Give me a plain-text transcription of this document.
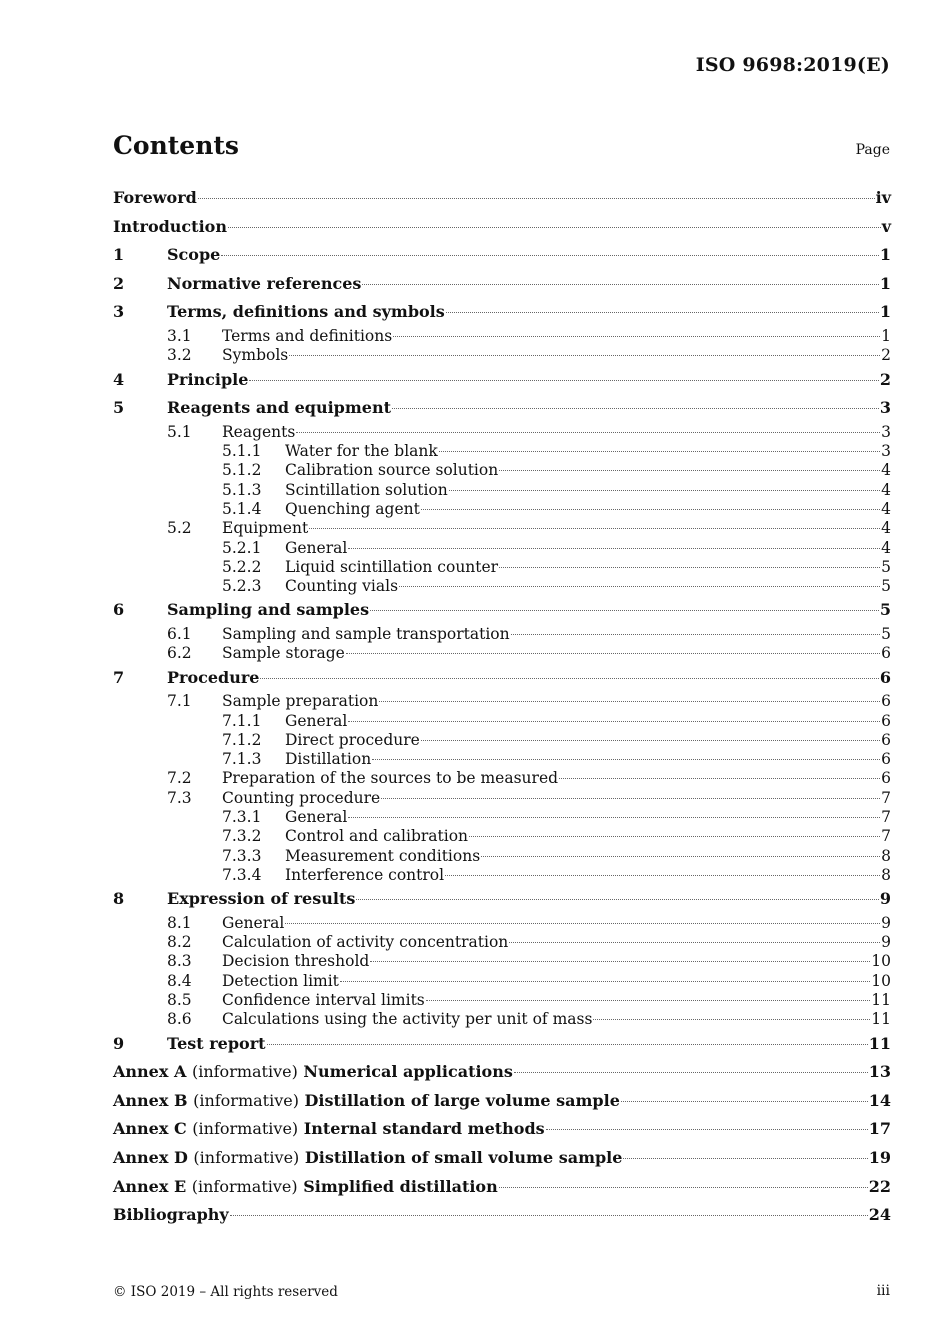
ISO 9698:2019(E)
Contents	Page
Foreword	iv
Introduction	v
1	Scope	1
2	Normative references	1
3	Terms, definitions and symbols	1
3.1	Terms and definitions	1
3.2	Symbols	2
4	Principle	2
5	Reagents and equipment	3
5.1	Reagents	3
5.1.1	Water for the blank	3
5.1.2	Calibration source solution	4
5.1.3	Scintillation solution	4
5.1.4	Quenching agent	4
5.2	Equipment	4
5.2.1	General	4
5.2.2	Liquid scintillation counter	5
5.2.3	Counting vials	5
6	Sampling and samples	5
6.1	Sampling and sample transportation	5
6.2	Sample storage	6
7	Procedure	6
7.1	Sample preparation	6
7.1.1	General	6
7.1.2	Direct procedure	6
7.1.3	Distillation	6
7.2	Preparation of the sources to be measured	6
7.3	Counting procedure	7
7.3.1	General	7
7.3.2	Control and calibration	7
7.3.3	Measurement conditions	8
7.3.4	Interference control	8
8	Expression of results	9
8.1	General	9
8.2	Calculation of activity concentration	9
8.3	Decision threshold	10
8.4	Detection limit	10
8.5	Confidence interval limits	11
8.6	Calculations using the activity per unit of mass	11
9	Test report	11
Annex A (informative) Numerical applications	13
Annex B (informative) Distillation of large volume sample	14
Annex C (informative) Internal standard methods	17
Annex D (informative) Distillation of small volume sample	19
Annex E (informative) Simplified distillation	22
Bibliography	24
© ISO 2019 – All rights reserved	iii
